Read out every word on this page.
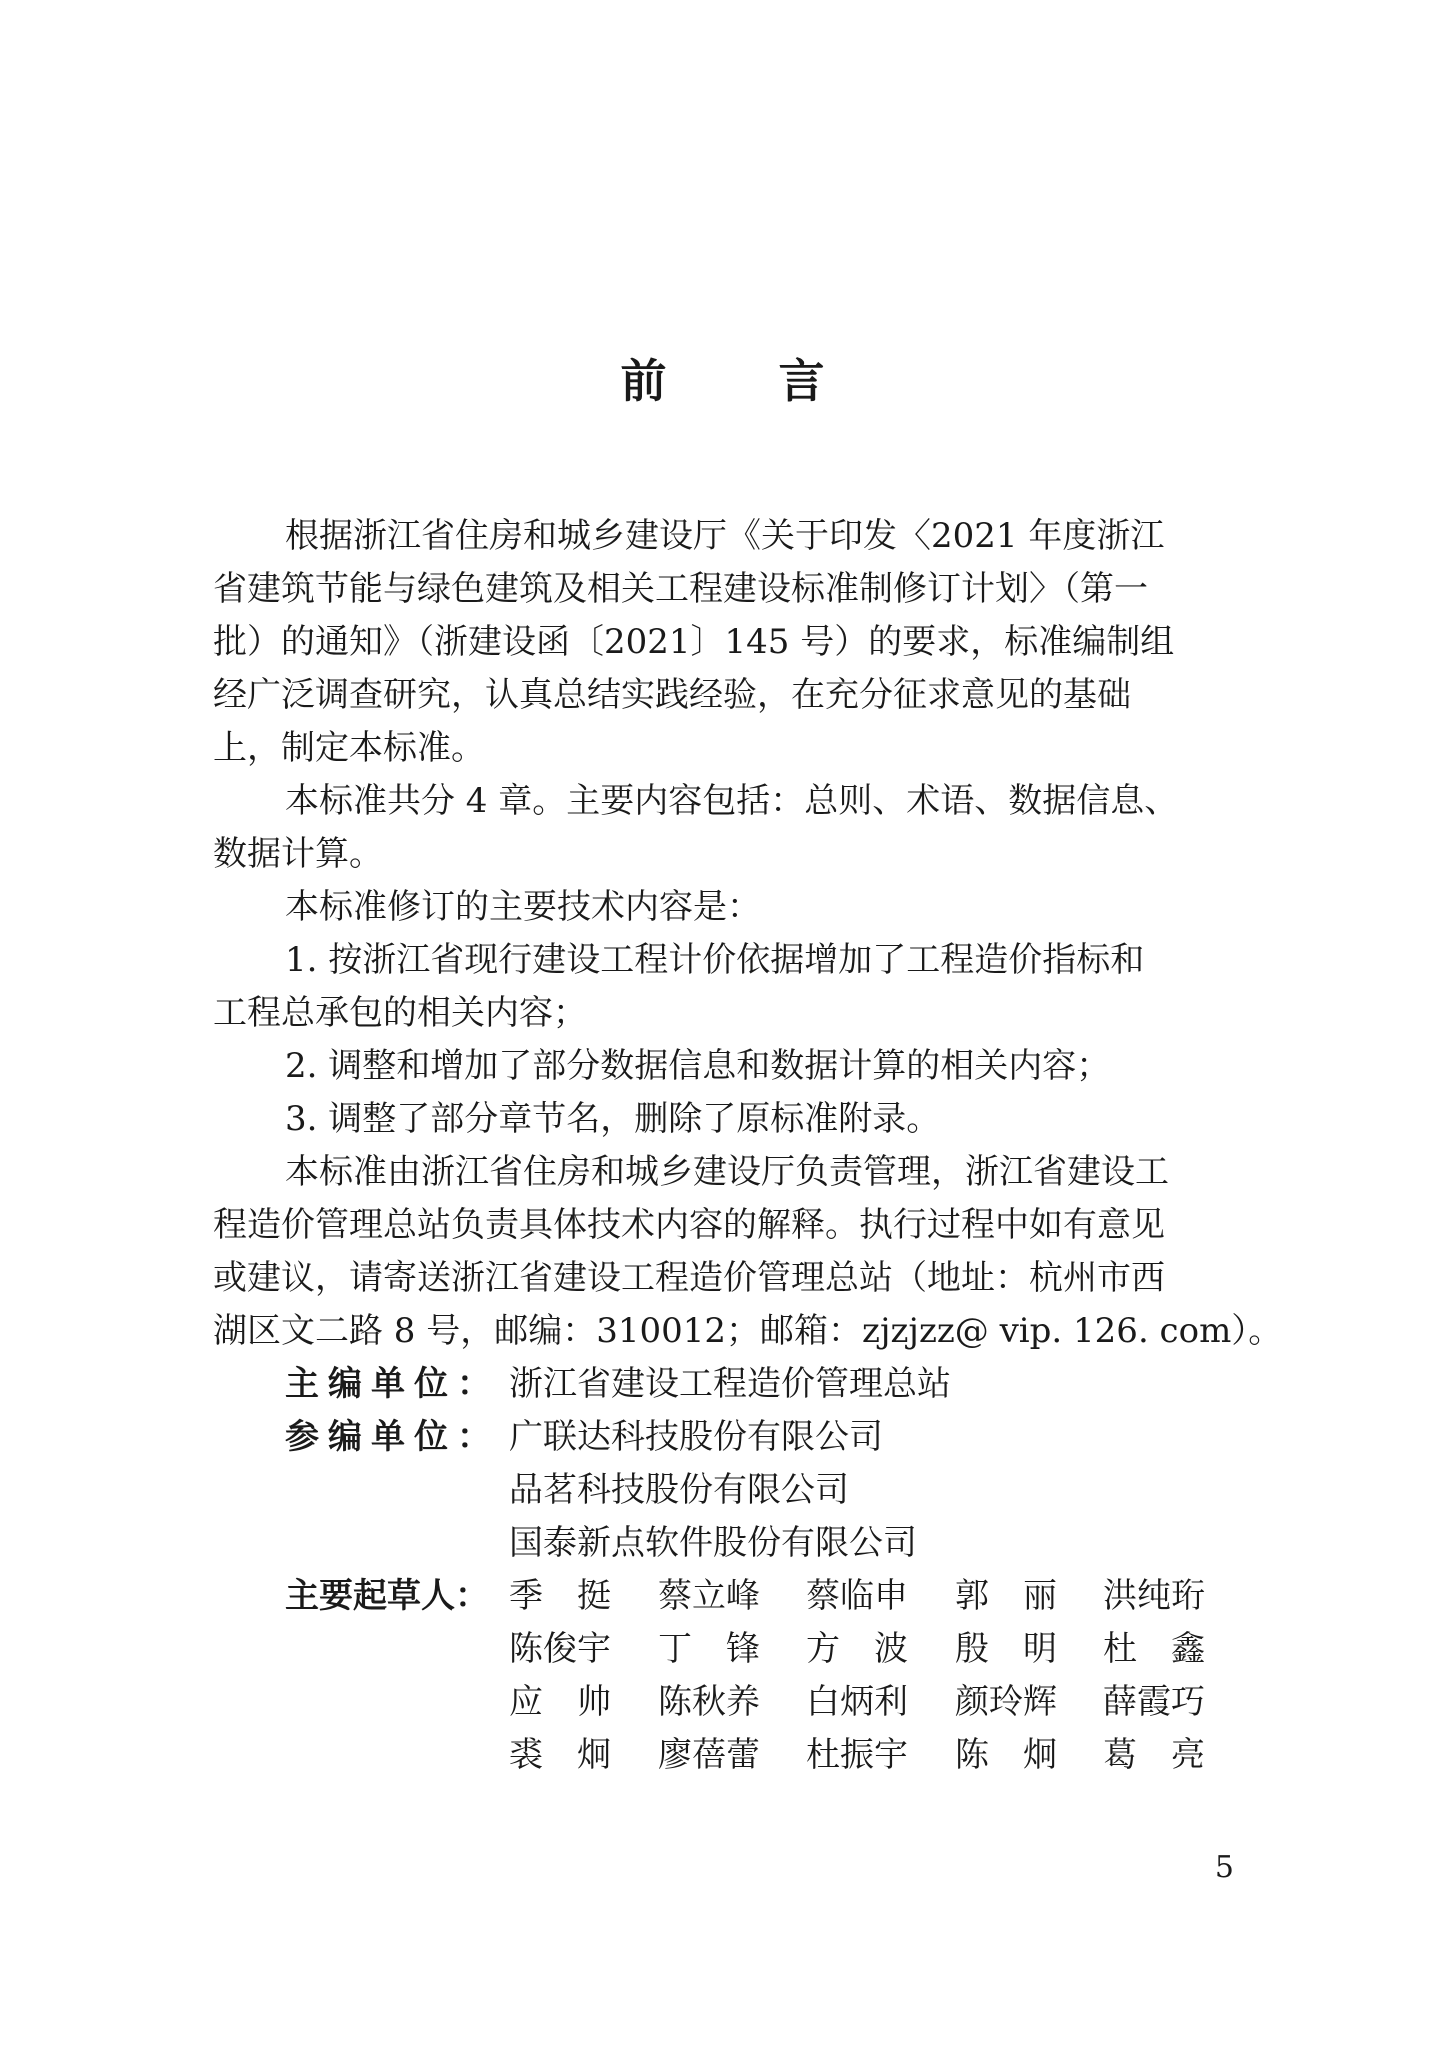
前 言
根据浙江省住房和城乡建设厅《关于印发〈2021 年度浙江
省建筑节能与绿色建筑及相关工程建设标准制修订计划〉（第一
批）的通知》（浙建设函〔2021〕145 号）的要求，标准编制组
经广泛调查研究，认真总结实践经验，在充分征求意见的基础
上，制定本标准。
本标准共分 4 章。主要内容包括：总则、术语、数据信息、
数据计算。
本标准修订的主要技术内容是：
1. 按浙江省现行建设工程计价依据增加了工程造价指标和
工程总承包的相关内容；
2. 调整和增加了部分数据信息和数据计算的相关内容；
3. 调整了部分章节名，删除了原标准附录。
本标准由浙江省住房和城乡建设厅负责管理，浙江省建设工
程造价管理总站负责具体技术内容的解释。执行过程中如有意见
或建议，请寄送浙江省建设工程造价管理总站（地址：杭州市西
湖区文二路 8 号，邮编：310012；邮箱：zjzjzz@ vip. 126. com）。
主编单位： 浙江省建设工程造价管理总站
参编单位： 广联达科技股份有限公司
品茗科技股份有限公司
国泰新点软件股份有限公司
主要起草人： 季　挺 蔡立峰 蔡临申 郭　丽 洪纯珩
陈俊宇 丁　锋 方　波 殷　明 杜　鑫
应　帅 陈秋养 白炳利 颜玲辉 薛霞巧
裘　炯 廖蓓蕾 杜振宇 陈　炯 葛　亮
5
